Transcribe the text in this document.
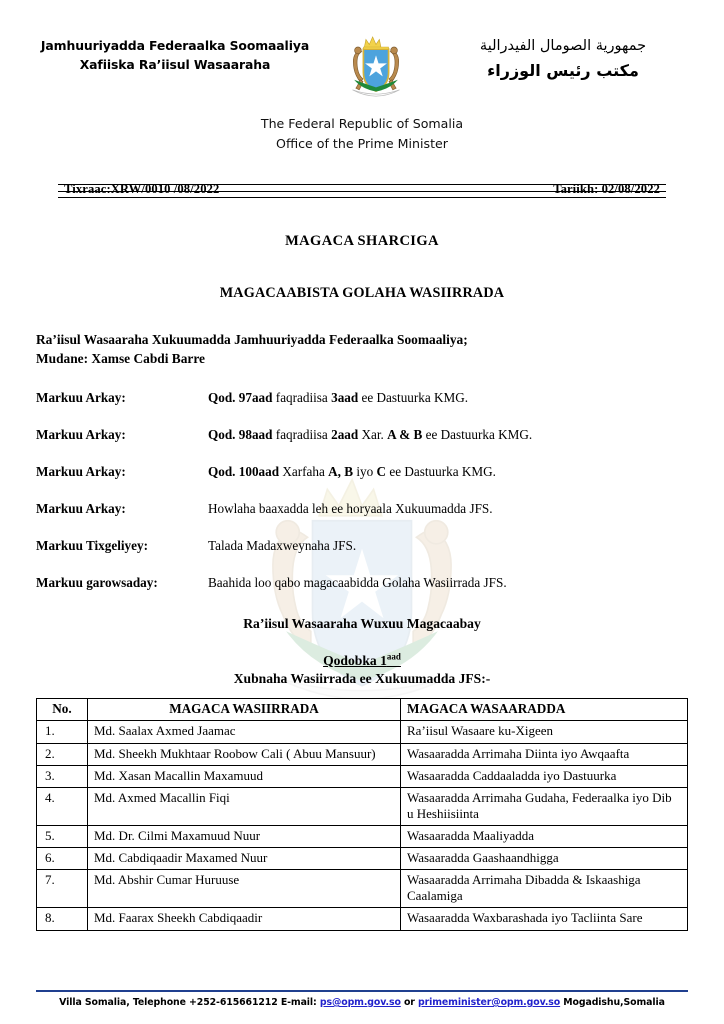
Jamhuuriyadda Federaalka Soomaaliya
Xafiiska Ra’iisul Wasaaraha
جمهورية الصومال الفيدرالية
مكتب رئيس الوزراء
The Federal Republic of Somalia
Office of the Prime Minister
Tixraac:XRW/0010 /08/2022	Tariikh: 02/08/2022
MAGACA SHARCIGA
MAGACAABISTA GOLAHA WASIIRRADA
Ra’iisul Wasaaraha Xukuumadda Jamhuuriyadda Federaalka Soomaaliya;
Mudane: Xamse Cabdi Barre
Markuu Arkay:	Qod. 97aad faqradiisa 3aad ee Dastuurka KMG.
Markuu Arkay:	Qod. 98aad faqradiisa 2aad Xar. A & B ee Dastuurka KMG.
Markuu Arkay:	Qod. 100aad Xarfaha A, B iyo C ee Dastuurka KMG.
Markuu Arkay:	Howlaha baaxadda leh ee horyaala Xukuumadda JFS.
Markuu Tixgeliyey:	Talada Madaxweynaha JFS.
Markuu garowsaday:	Baahida loo qabo magacaabidda Golaha Wasiirrada JFS.
Ra’iisul Wasaaraha Wuxuu Magacaabay
Qodobka $1^{aad}$
Xubnaha Wasiirrada ee Xukuumadda JFS:-
No.	MAGACA WASIIRRADA	MAGACA WASAARADDA
1.	Md. Saalax Axmed Jaamac	Ra’iisul Wasaare ku-Xigeen
2.	Md. Sheekh Mukhtaar Roobow Cali ( Abuu Mansuur)	Wasaaradda Arrimaha Diinta iyo Awqaafta
3.	Md. Xasan Macallin Maxamuud	Wasaaradda Caddaaladda iyo Dastuurka
4.	Md. Axmed Macallin Fiqi	Wasaaradda Arrimaha Gudaha, Federaalka iyo Dib u Heshiisiinta
5.	Md. Dr. Cilmi Maxamuud Nuur	Wasaaradda Maaliyadda
6.	Md. Cabdiqaadir Maxamed Nuur	Wasaaradda Gaashaandhigga
7.	Md. Abshir Cumar Huruuse	Wasaaradda Arrimaha Dibadda & Iskaashiga Caalamiga
8.	Md. Faarax Sheekh Cabdiqaadir	Wasaaradda Waxbarashada iyo Tacliinta Sare
Villa Somalia, Telephone +252-615661212 E-mail: ps@opm.gov.so or primeminister@opm.gov.so Mogadishu,Somalia
